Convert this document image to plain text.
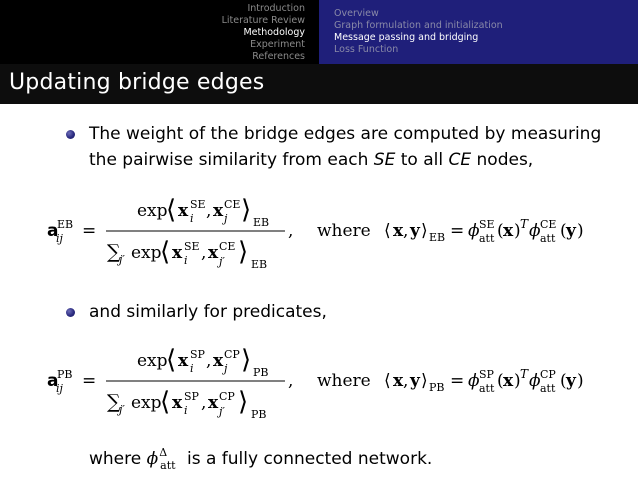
Introduction
Literature Review
Methodology
Experiment
References
Overview
Graph formulation and initialization
Message passing and bridging
Loss Function
Updating bridge edges
The weight of the bridge edges are computed by measuring
the pairwise similarity from each SE to all CE nodes,
a
EB
ij =
exp
⟨ x SE
i , x CE
j ⟩ EB
∑
j′ exp
⟨ x SE
i , x CE
j′ ⟩ EB
, where ⟨ x , y ⟩ EB = ϕ SE
att ( x ) T ϕ CE
att ( y )
and similarly for predicates,
a
PB
ij =
exp
⟨ x SP
i , x CP
j ⟩ PB
∑
j′ exp
⟨ x SP
i , x CP
j′ ⟩ PB
, where ⟨ x , y ⟩ PB = ϕ SP
att ( x ) T ϕ CP
att ( y )
where $\phi^\Delta_{att}$ is a fully connected network.
